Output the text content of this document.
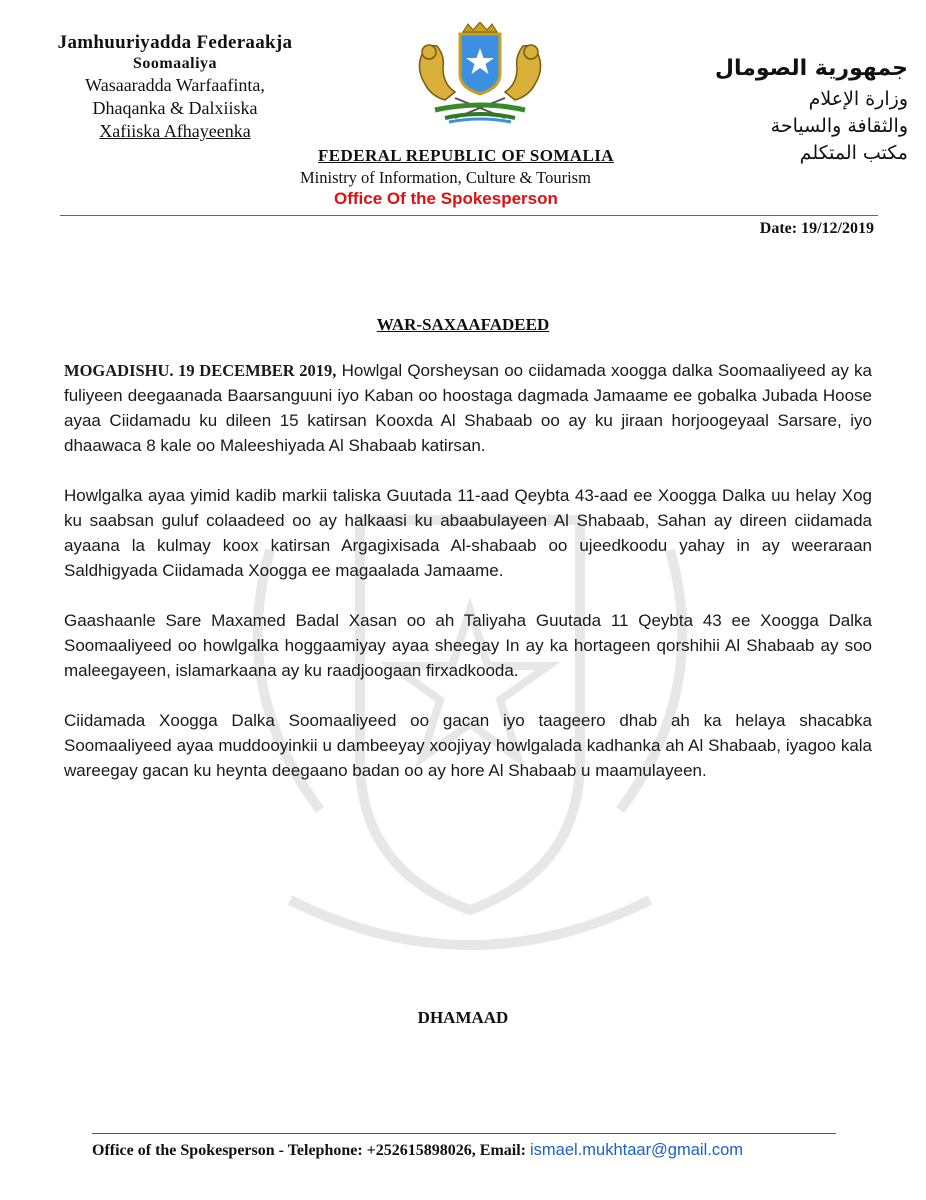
Jamhuuriyadda Federaakja
Soomaaliya
Wasaaradda Warfaafinta,
Dhaqanka & Dalxiiska
Xafiiska Afhayeenka
FEDERAL REPUBLIC OF SOMALIA
Ministry of Information, Culture & Tourism
Office Of the Spokesperson
جمهورية الصومال
وزارة الإعلام
والثقافة والسياحة
مكتب المتكلم
Date: 19/12/2019
WAR-SAXAAFADEED

MOGADISHU. 19 DECEMBER 2019, Howlgal Qorsheysan oo ciidamada xoogga dalka Soomaaliyeed ay ka fuliyeen deegaanada Baarsanguuni iyo Kaban oo hoostaga dagmada Jamaame ee gobalka Jubada Hoose ayaa Ciidamadu ku dileen 15 katirsan Kooxda Al Shabaab oo ay ku jiraan horjoogeyaal Sarsare, iyo dhaawaca 8 kale oo Maleeshiyada Al Shabaab katirsan.

Howlgalka ayaa yimid kadib markii taliska Guutada 11-aad Qeybta 43-aad ee Xoogga Dalka uu helay Xog ku saabsan guluf colaadeed oo ay halkaasi ku abaabulayeen Al Shabaab, Sahan ay direen ciidamada ayaana la kulmay koox katirsan Argagixisada Al-shabaab oo ujeedkoodu yahay in ay weeraraan Saldhigyada Ciidamada Xoogga ee magaalada Jamaame.

Gaashaanle Sare Maxamed Badal Xasan oo ah Taliyaha Guutada 11 Qeybta 43 ee Xoogga Dalka Soomaaliyeed oo howlgalka hoggaamiyay ayaa sheegay In ay ka hortageen qorshihii Al Shabaab ay soo maleegayeen, islamarkaana ay ku raadjoogaan firxadkooda.

Ciidamada Xoogga Dalka Soomaaliyeed oo gacan iyo taageero dhab ah ka helaya shacabka Soomaaliyeed ayaa muddooyinkii u dambeeyay xoojiyay howlgalada kadhanka ah Al Shabaab, iyagoo kala wareegay gacan ku heynta deegaano badan oo ay hore Al Shabaab u maamulayeen.

DHAMAAD
Office of the Spokesperson - Telephone: +252615898026, Email: ismael.mukhtaar@gmail.com
